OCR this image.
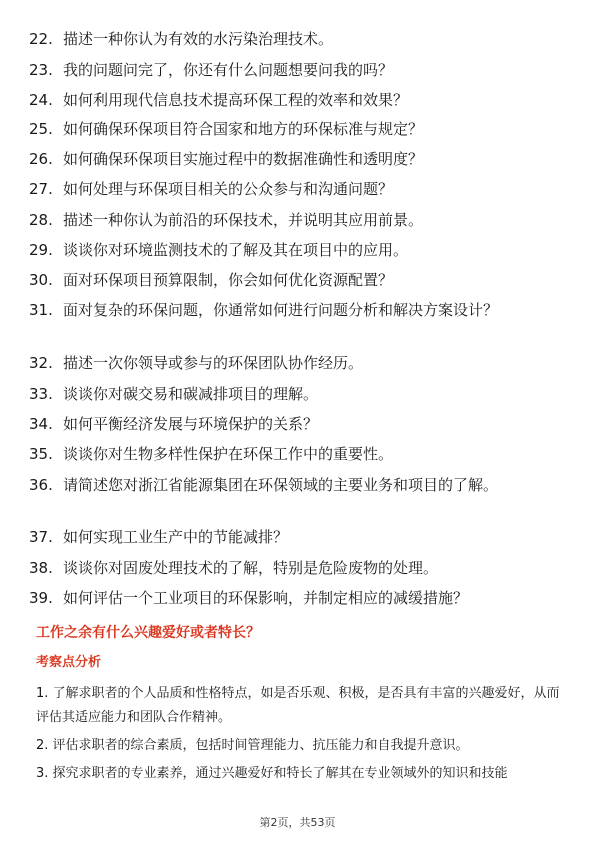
22. 描述一种你认为有效的水污染治理技术。
23. 我的问题问完了，你还有什么问题想要问我的吗？
24. 如何利用现代信息技术提高环保工程的效率和效果？
25. 如何确保环保项目符合国家和地方的环保标准与规定？
26. 如何确保环保项目实施过程中的数据准确性和透明度？
27. 如何处理与环保项目相关的公众参与和沟通问题？
28. 描述一种你认为前沿的环保技术，并说明其应用前景。
29. 谈谈你对环境监测技术的了解及其在项目中的应用。
30. 面对环保项目预算限制，你会如何优化资源配置？
31. 面对复杂的环保问题，你通常如何进行问题分析和解决方案设计？
32. 描述一次你领导或参与的环保团队协作经历。
33. 谈谈你对碳交易和碳减排项目的理解。
34. 如何平衡经济发展与环境保护的关系？
35. 谈谈你对生物多样性保护在环保工作中的重要性。
36. 请简述您对浙江省能源集团在环保领域的主要业务和项目的了解。
37. 如何实现工业生产中的节能减排？
38. 谈谈你对固废处理技术的了解，特别是危险废物的处理。
39. 如何评估一个工业项目的环保影响，并制定相应的减缓措施？
工作之余有什么兴趣爱好或者特长？
考察点分析
1. 了解求职者的个人品质和性格特点，如是否乐观、积极，是否具有丰富的兴趣爱好，从而评估其适应能力和团队合作精神。
2. 评估求职者的综合素质，包括时间管理能力、抗压能力和自我提升意识。
3. 探究求职者的专业素养，通过兴趣爱好和特长了解其在专业领域外的知识和技能
第2页，共53页
